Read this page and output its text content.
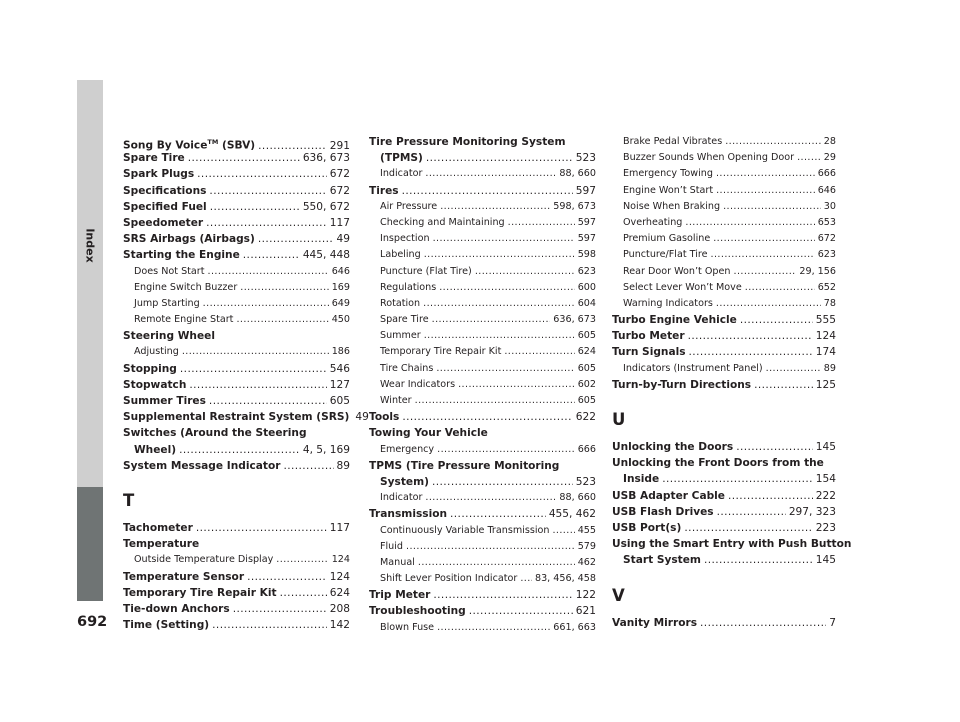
Index
692
Song By Voice™ (SBV) .....	291
Spare Tire .....	636, 673
Spark Plugs .....	672
Specifications .....	672
Specified Fuel .....	550, 672
Speedometer .....	117
SRS Airbags (Airbags) .....	49
Starting the Engine .....	445, 448
Does Not Start .....	646
Engine Switch Buzzer .....	169
Jump Starting .....	649
Remote Engine Start .....	450
Steering Wheel
Adjusting .....	186
Stopping .....	546
Stopwatch .....	127
Summer Tires .....	605
Supplemental Restraint System (SRS) 49
Switches (Around the Steering
Wheel) .....	4, 5, 169
System Message Indicator .....	89
T
Tachometer .....	117
Temperature
Outside Temperature Display .....	124
Temperature Sensor .....	124
Temporary Tire Repair Kit .....	624
Tie-down Anchors .....	208
Time (Setting) .....	142
Tire Pressure Monitoring System
(TPMS) .....	523
Indicator .....	88, 660
Tires .....	597
Air Pressure .....	598, 673
Checking and Maintaining .....	597
Inspection .....	597
Labeling .....	598
Puncture (Flat Tire) .....	623
Regulations .....	600
Rotation .....	604
Spare Tire .....	636, 673
Summer .....	605
Temporary Tire Repair Kit .....	624
Tire Chains .....	605
Wear Indicators .....	602
Winter .....	605
Tools .....	622
Towing Your Vehicle
Emergency .....	666
TPMS (Tire Pressure Monitoring
System) .....	523
Indicator .....	88, 660
Transmission .....	455, 462
Continuously Variable Transmission .....	455
Fluid .....	579
Manual .....	462
Shift Lever Position Indicator ..... 83, 456, 458
Trip Meter .....	122
Troubleshooting .....	621
Blown Fuse .....	661, 663
Brake Pedal Vibrates .....	28
Buzzer Sounds When Opening Door .....	29
Emergency Towing .....	666
Engine Won’t Start .....	646
Noise When Braking .....	30
Overheating .....	653
Premium Gasoline .....	672
Puncture/Flat Tire .....	623
Rear Door Won’t Open .....	29, 156
Select Lever Won’t Move .....	652
Warning Indicators .....	78
Turbo Engine Vehicle .....	555
Turbo Meter .....	124
Turn Signals .....	174
Indicators (Instrument Panel) .....	89
Turn-by-Turn Directions .....	125
U
Unlocking the Doors .....	145
Unlocking the Front Doors from the
Inside .....	154
USB Adapter Cable .....	222
USB Flash Drives .....	297, 323
USB Port(s) .....	223
Using the Smart Entry with Push Button
Start System .....	145
V
Vanity Mirrors .....	7
